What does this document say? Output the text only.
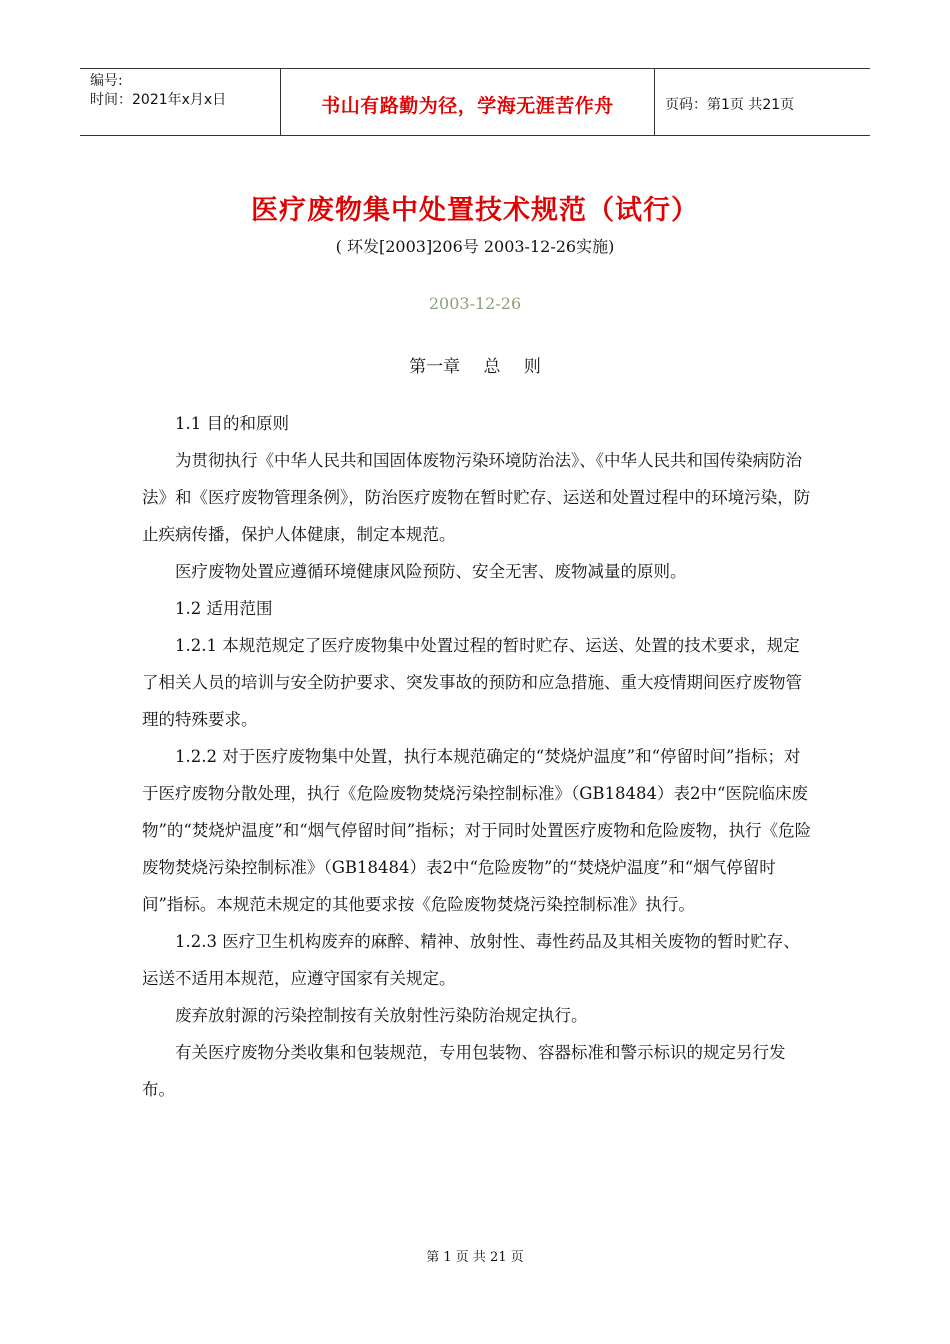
编号:
时间：2021年x月x日	书山有路勤为径，学海无涯苦作舟	页码：第1页 共21页
医疗废物集中处置技术规范（试行）
( 环发[2003]206号 2003-12-26实施)
2003-12-26
第一章 总 则

1.1 目的和原则

为贯彻执行《中华人民共和国固体废物污染环境防治法》、《中华人民共和国传染病防治法》和《医疗废物管理条例》，防治医疗废物在暂时贮存、运送和处置过程中的环境污染，防止疾病传播，保护人体健康，制定本规范。

医疗废物处置应遵循环境健康风险预防、安全无害、废物减量的原则。

1.2 适用范围

1.2.1 本规范规定了医疗废物集中处置过程的暂时贮存、运送、处置的技术要求，规定了相关人员的培训与安全防护要求、突发事故的预防和应急措施、重大疫情期间医疗废物管理的特殊要求。

1.2.2 对于医疗废物集中处置，执行本规范确定的“焚烧炉温度”和“停留时间”指标；对于医疗废物分散处理，执行《危险废物焚烧污染控制标准》（GB18484）表2中“医院临床废物”的“焚烧炉温度”和“烟气停留时间”指标；对于同时处置医疗废物和危险废物，执行《危险废物焚烧污染控制标准》（GB18484）表2中“危险废物”的“焚烧炉温度”和“烟气停留时间”指标。本规范未规定的其他要求按《危险废物焚烧污染控制标准》执行。

1.2.3 医疗卫生机构废弃的麻醉、精神、放射性、毒性药品及其相关废物的暂时贮存、运送不适用本规范，应遵守国家有关规定。

废弃放射源的污染控制按有关放射性污染防治规定执行。

有关医疗废物分类收集和包装规范，专用包装物、容器标准和警示标识的规定另行发布。

第 1 页 共 21 页
